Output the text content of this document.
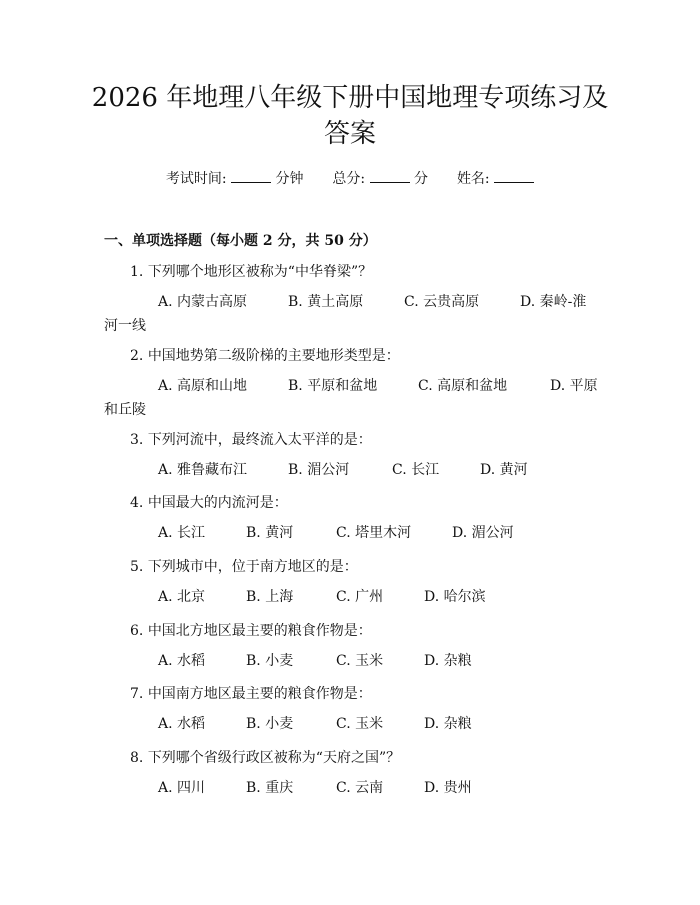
2026 年地理八年级下册中国地理专项练习及
答案
考试时间:	分钟 总分:	分 姓名:
一、单项选择题（每小题 2 分，共 50 分）
1. 下列哪个地形区被称为“中华脊梁”？
A. 内蒙古高原	B. 黄土高原	C. 云贵高原	D. 秦岭-淮
河一线
2. 中国地势第二级阶梯的主要地形类型是：
A. 高原和山地	B. 平原和盆地	C. 高原和盆地	D. 平原
和丘陵
3. 下列河流中，最终流入太平洋的是：
A. 雅鲁藏布江	B. 湄公河	C. 长江	D. 黄河
4. 中国最大的内流河是：
A. 长江	B. 黄河	C. 塔里木河	D. 湄公河
5. 下列城市中，位于南方地区的是：
A. 北京	B. 上海	C. 广州	D. 哈尔滨
6. 中国北方地区最主要的粮食作物是：
A. 水稻	B. 小麦	C. 玉米	D. 杂粮
7. 中国南方地区最主要的粮食作物是：
A. 水稻	B. 小麦	C. 玉米	D. 杂粮
8. 下列哪个省级行政区被称为“天府之国”？
A. 四川	B. 重庆	C. 云南	D. 贵州
